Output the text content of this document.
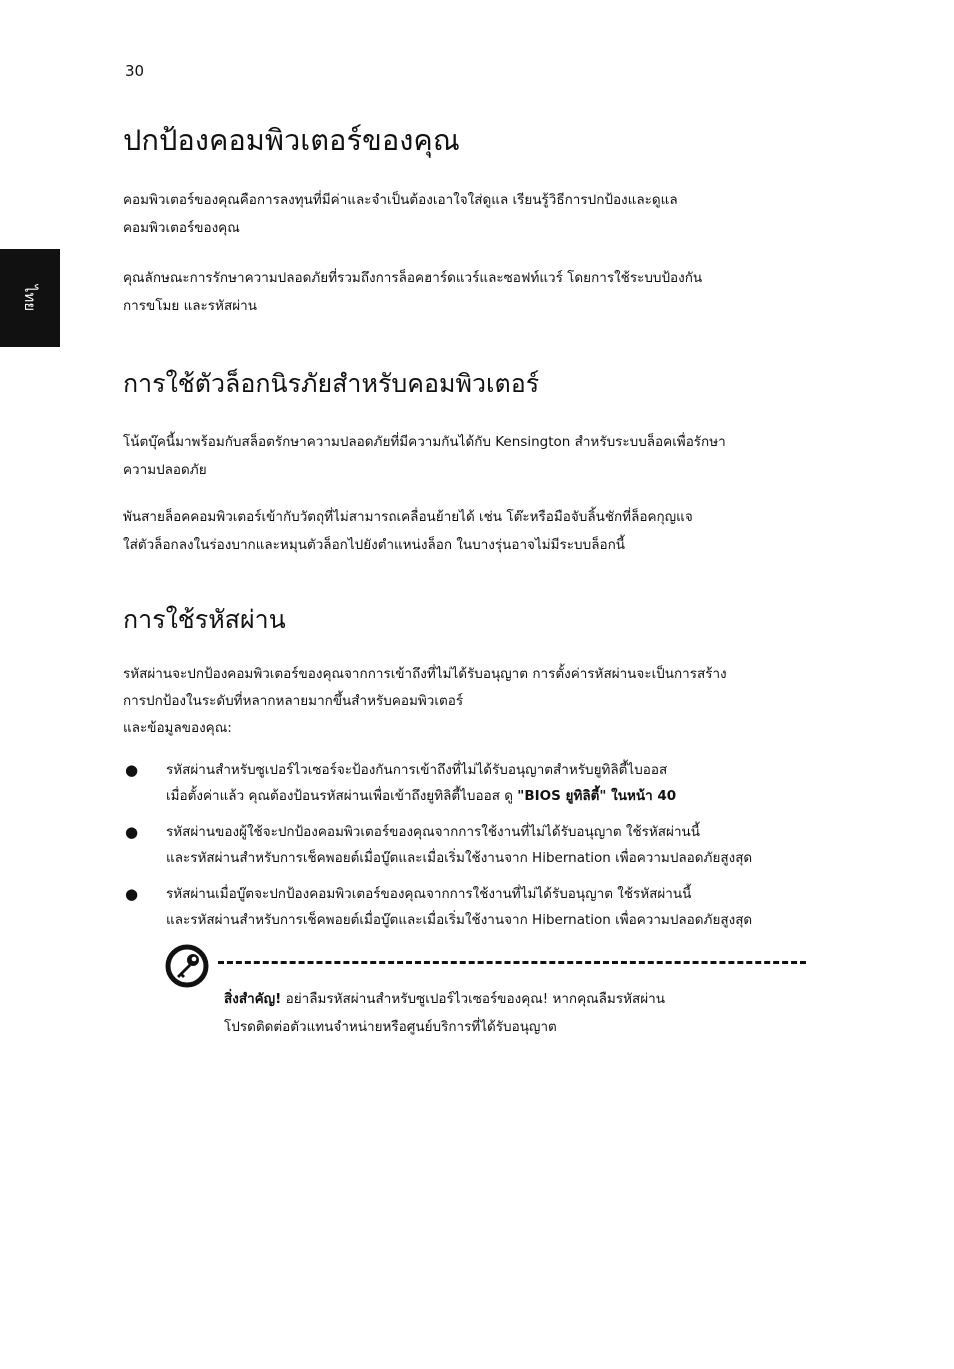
30
ไทย
ปกป้องคอมพิวเตอร์ของคุณ

คอมพิวเตอร์ของคุณคือการลงทุนที่มีค่าและจำเป็นต้องเอาใจใส่ดูแล เรียนรู้วิธีการปกป้องและดูแล
คอมพิวเตอร์ของคุณ

คุณลักษณะการรักษาความปลอดภัยที่รวมถึงการล็อคฮาร์ดแวร์และซอฟท์แวร์ โดยการใช้ระบบป้องกัน
การขโมย และรหัสผ่าน

การใช้ตัวล็อกนิรภัยสำหรับคอมพิวเตอร์

โน้ตบุ๊คนี้มาพร้อมกับสล็อตรักษาความปลอดภัยที่มีความกันได้กับ Kensington สำหรับระบบล็อคเพื่อรักษา
ความปลอดภัย

พันสายล็อคคอมพิวเตอร์เข้ากับวัตถุที่ไม่สามารถเคลื่อนย้ายได้ เช่น โต๊ะหรือมือจับลิ้นชักที่ล็อคกุญแจ
ใส่ตัวล็อกลงในร่องบากและหมุนตัวล็อกไปยังตำแหน่งล็อก ในบางรุ่นอาจไม่มีระบบล็อกนี้

การใช้รหัสผ่าน

รหัสผ่านจะปกป้องคอมพิวเตอร์ของคุณจากการเข้าถึงที่ไม่ได้รับอนุญาต การตั้งค่ารหัสผ่านจะเป็นการสร้าง
การปกป้องในระดับที่หลากหลายมากขึ้นสำหรับคอมพิวเตอร์
และข้อมูลของคุณ:

● รหัสผ่านสำหรับซูเปอร์ไวเซอร์จะป้องกันการเข้าถึงที่ไม่ได้รับอนุญาตสำหรับยูทิลิตี้ไบออส
เมื่อตั้งค่าแล้ว คุณต้องป้อนรหัสผ่านเพื่อเข้าถึงยูทิลิตี้ไบออส ดู "BIOS ยูทิลิตี้" ในหน้า 40
● รหัสผ่านของผู้ใช้จะปกป้องคอมพิวเตอร์ของคุณจากการใช้งานที่ไม่ได้รับอนุญาต ใช้รหัสผ่านนี้
และรหัสผ่านสำหรับการเช็คพอยต์เมื่อบู๊ตและเมื่อเริ่มใช้งานจาก Hibernation เพื่อความปลอดภัยสูงสุด
● รหัสผ่านเมื่อบู๊ตจะปกป้องคอมพิวเตอร์ของคุณจากการใช้งานที่ไม่ได้รับอนุญาต ใช้รหัสผ่านนี้
และรหัสผ่านสำหรับการเช็คพอยต์เมื่อบู๊ตและเมื่อเริ่มใช้งานจาก Hibernation เพื่อความปลอดภัยสูงสุด

สิ่งสำคัญ! อย่าลืมรหัสผ่านสำหรับซูเปอร์ไวเซอร์ของคุณ! หากคุณลืมรหัสผ่าน
โปรดติดต่อตัวแทนจำหน่ายหรือศูนย์บริการที่ได้รับอนุญาต
